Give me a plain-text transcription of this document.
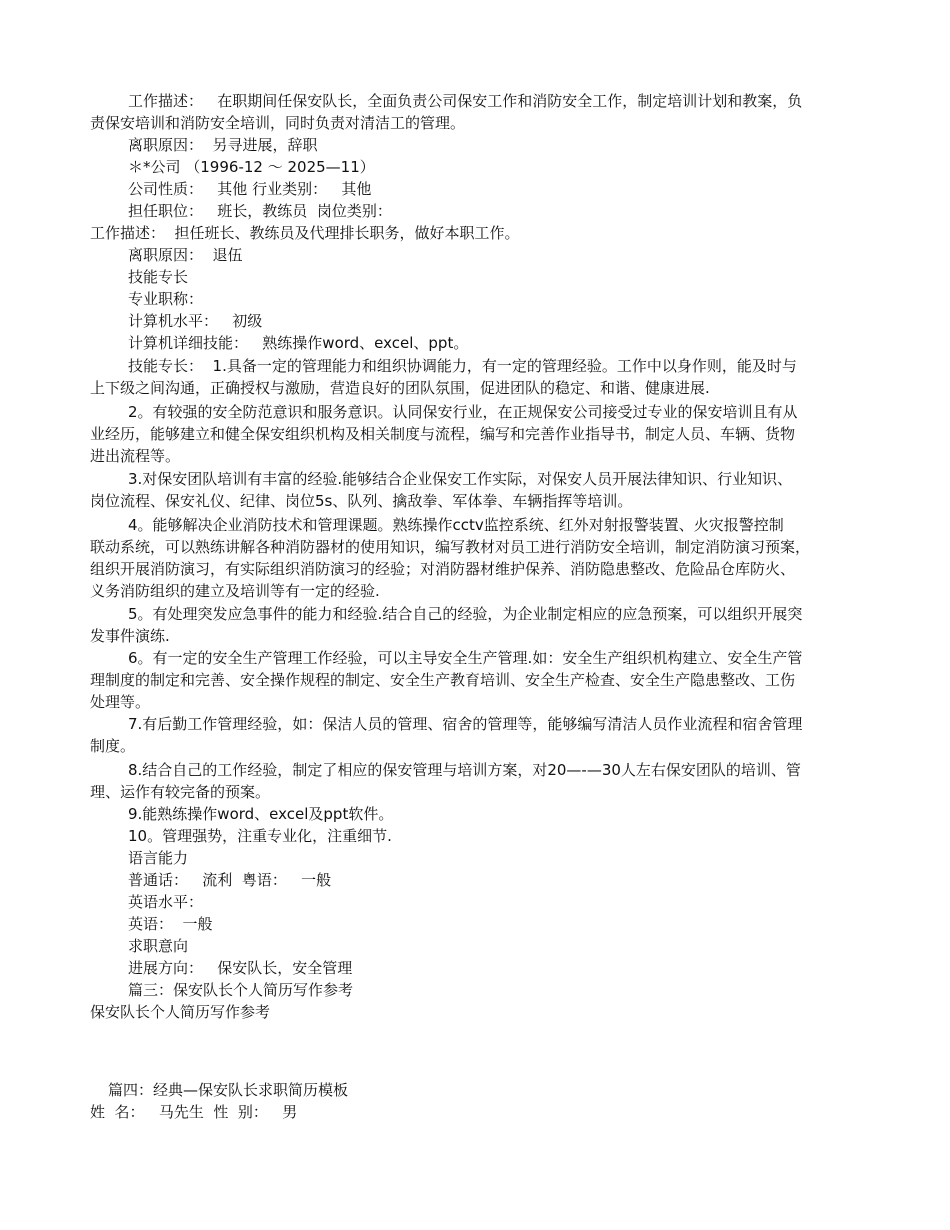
工作描述：   在职期间任保安队长，全面负责公司保安工作和消防安全工作，制定培训计划和教案，负
责保安培训和消防安全培训，同时负责对清洁工的管理。
离职原因：  另寻进展，辞职
＊*公司 （1996-12 ～ 2025—11）
公司性质：   其他 行业类别：   其他
担任职位：   班长，教练员  岗位类别：
工作描述：  担任班长、教练员及代理排长职务，做好本职工作。
离职原因：  退伍
技能专长
专业职称：
计算机水平：   初级
计算机详细技能：   熟练操作word、excel、ppt。
技能专长：  1.具备一定的管理能力和组织协调能力，有一定的管理经验。工作中以身作则，能及时与
上下级之间沟通，正确授权与激励，营造良好的团队氛围，促进团队的稳定、和谐、健康进展.
2。有较强的安全防范意识和服务意识。认同保安行业，在正规保安公司接受过专业的保安培训且有从
业经历，能够建立和健全保安组织机构及相关制度与流程，编写和完善作业指导书，制定人员、车辆、货物
进出流程等。
3.对保安团队培训有丰富的经验.能够结合企业保安工作实际，对保安人员开展法律知识、行业知识、
岗位流程、保安礼仪、纪律、岗位5s、队列、擒敌拳、军体拳、车辆指挥等培训。
4。能够解决企业消防技术和管理课题。熟练操作cctv监控系统、红外对射报警装置、火灾报警控制
联动系统，可以熟练讲解各种消防器材的使用知识，编写教材对员工进行消防安全培训，制定消防演习预案，
组织开展消防演习，有实际组织消防演习的经验；对消防器材维护保养、消防隐患整改、危险品仓库防火、
义务消防组织的建立及培训等有一定的经验.
5。有处理突发应急事件的能力和经验.结合自己的经验，为企业制定相应的应急预案，可以组织开展突
发事件演练.
6。有一定的安全生产管理工作经验，可以主导安全生产管理.如：安全生产组织机构建立、安全生产管
理制度的制定和完善、安全操作规程的制定、安全生产教育培训、安全生产检查、安全生产隐患整改、工伤
处理等。
7.有后勤工作管理经验，如：保洁人员的管理、宿舍的管理等，能够编写清洁人员作业流程和宿舍管理
制度。
8.结合自己的工作经验，制定了相应的保安管理与培训方案，对20—-—30人左右保安团队的培训、管
理、运作有较完备的预案。
9.能熟练操作word、excel及ppt软件。
10。管理强势，注重专业化，注重细节.
语言能力
普通话：   流利  粤语：   一般
英语水平：
英语：  一般
求职意向
进展方向：   保安队长，安全管理
篇三：保安队长个人简历写作参考
保安队长个人简历写作参考
篇四：经典—保安队长求职简历模板
姓  名：   马先生  性  别：   男
